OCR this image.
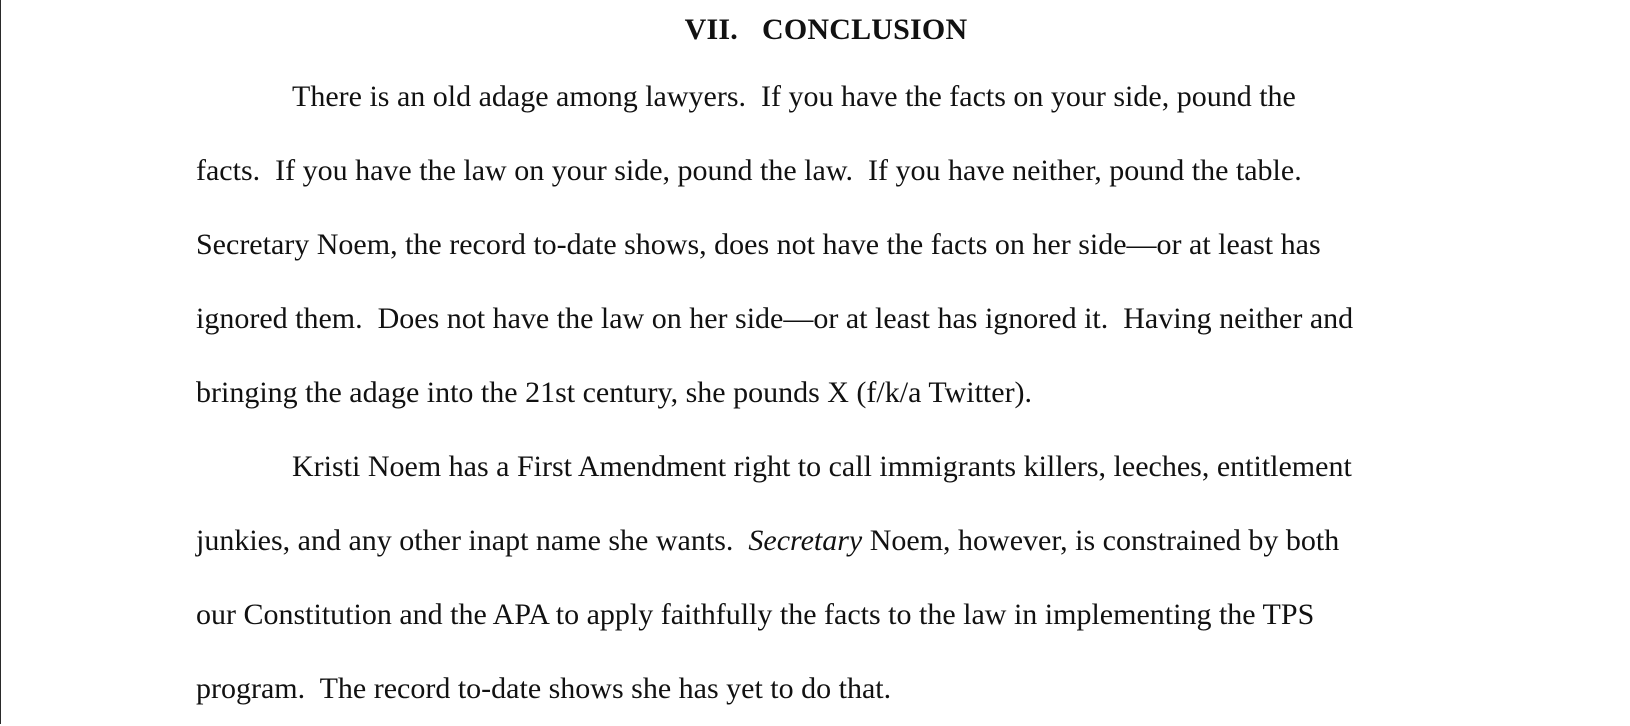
VII. CONCLUSION

There is an old adage among lawyers.  If you have the facts on your side, pound the
facts.  If you have the law on your side, pound the law.  If you have neither, pound the table.
Secretary Noem, the record to-date shows, does not have the facts on her side—or at least has
ignored them.  Does not have the law on her side—or at least has ignored it.  Having neither and
bringing the adage into the 21st century, she pounds X (f/k/a Twitter).

Kristi Noem has a First Amendment right to call immigrants killers, leeches, entitlement
junkies, and any other inapt name she wants.  Secretary Noem, however, is constrained by both
our Constitution and the APA to apply faithfully the facts to the law in implementing the TPS
program.  The record to-date shows she has yet to do that.
